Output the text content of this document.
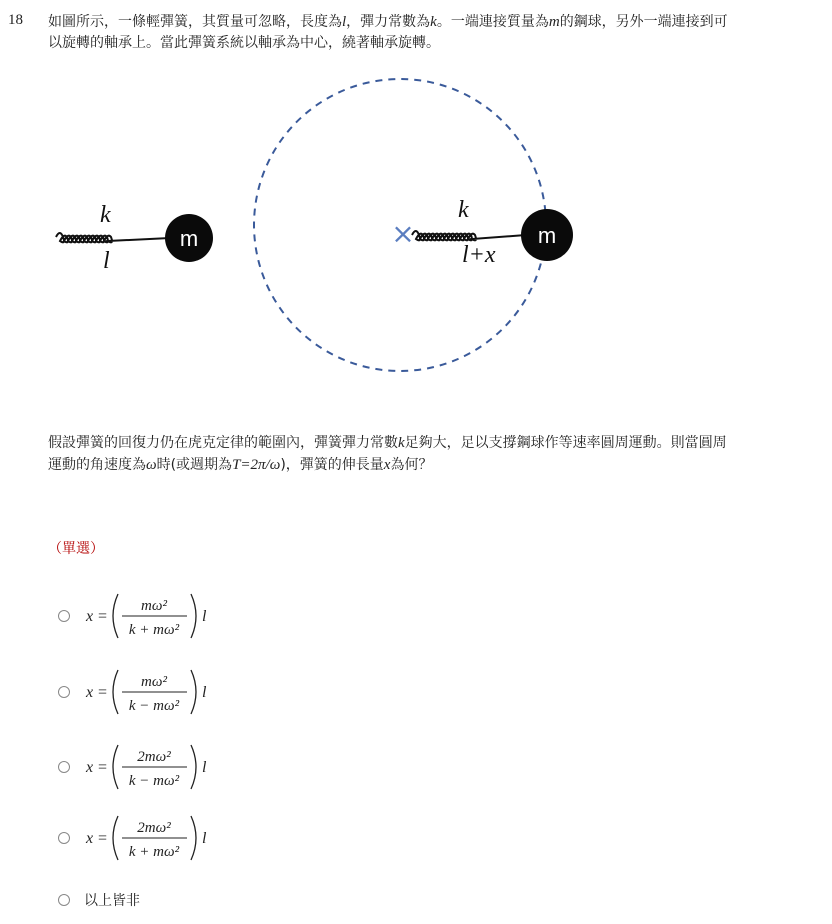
18 如圖所示，一條輕彈簧，其質量可忽略，長度為l，彈力常數為k。一端連接質量為m的鋼球，另外一端連接到可
以旋轉的軸承上。當此彈簧系統以軸承為中心，繞著軸承旋轉。
m
k
l
×	m
k
l+x
假設彈簧的回復力仍在虎克定律的範圍內，彈簧彈力常數k足夠大，足以支撐鋼球作等速率圓周運動。則當圓周
運動的角速度為ω時(或週期為T=2π/ω)，彈簧的伸長量x為何？
（單選）
x =
mω²
k + mω²
l
x =
mω²
k − mω²
l
x =
2mω²
k − mω²
l
x =
2mω²
k + mω²
l
以上皆非
